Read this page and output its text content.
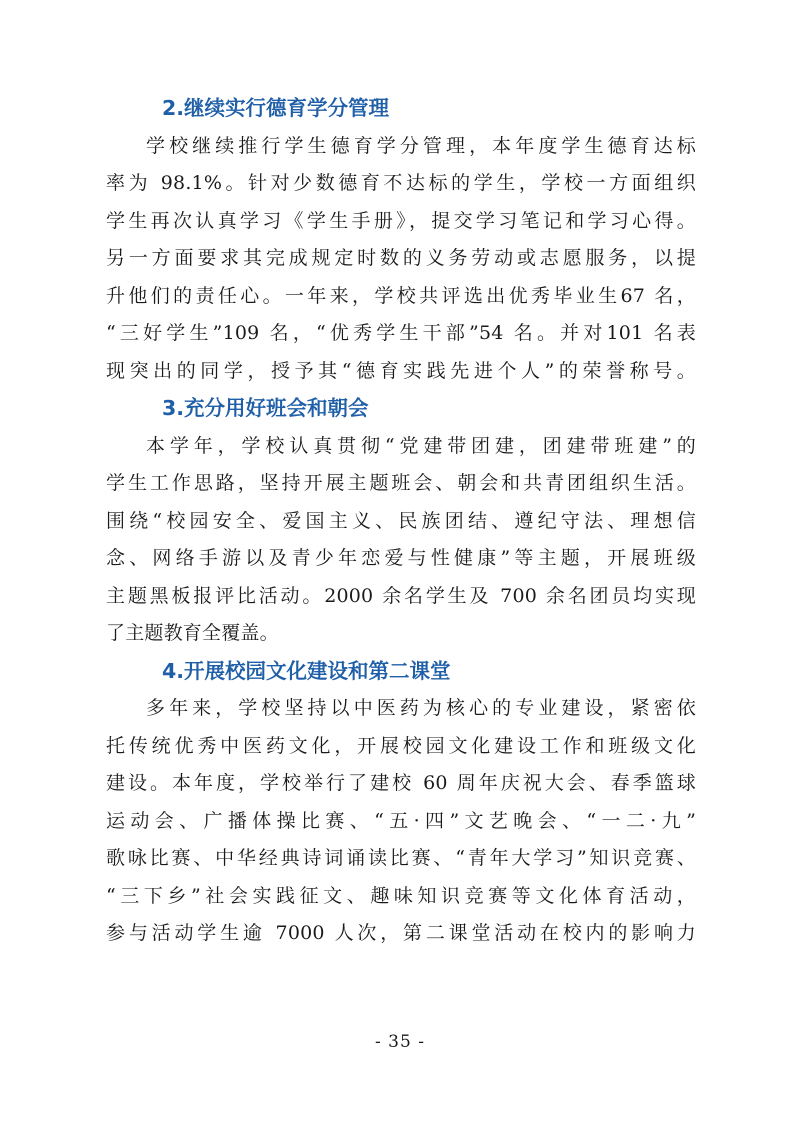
2.继续实行德育学分管理
学校继续推行学生德育学分管理，本年度学生德育达标
率为 98.1%。针对少数德育不达标的学生，学校一方面组织
学生再次认真学习《学生手册》，提交学习笔记和学习心得。
另一方面要求其完成规定时数的义务劳动或志愿服务，以提
升他们的责任心。一年来，学校共评选出优秀毕业生67 名，
“三好学生”109 名，“优秀学生干部”54 名。并对101 名表
现突出的同学，授予其“德育实践先进个人”的荣誉称号。
3.充分用好班会和朝会
本学年，学校认真贯彻“党建带团建，团建带班建”的
学生工作思路，坚持开展主题班会、朝会和共青团组织生活。
围绕“校园安全、爱国主义、民族团结、遵纪守法、理想信
念、网络手游以及青少年恋爱与性健康”等主题，开展班级
主题黑板报评比活动。2000 余名学生及 700 余名团员均实现
了主题教育全覆盖。
4.开展校园文化建设和第二课堂
多年来，学校坚持以中医药为核心的专业建设，紧密依
托传统优秀中医药文化，开展校园文化建设工作和班级文化
建设。本年度，学校举行了建校 60 周年庆祝大会、春季篮球
运动会、广播体操比赛、“五·四”文艺晚会、“一二·九”
歌咏比赛、中华经典诗词诵读比赛、“青年大学习”知识竞赛、
“三下乡”社会实践征文、趣味知识竞赛等文化体育活动，
参与活动学生逾 7000 人次，第二课堂活动在校内的影响力
- 35 -
